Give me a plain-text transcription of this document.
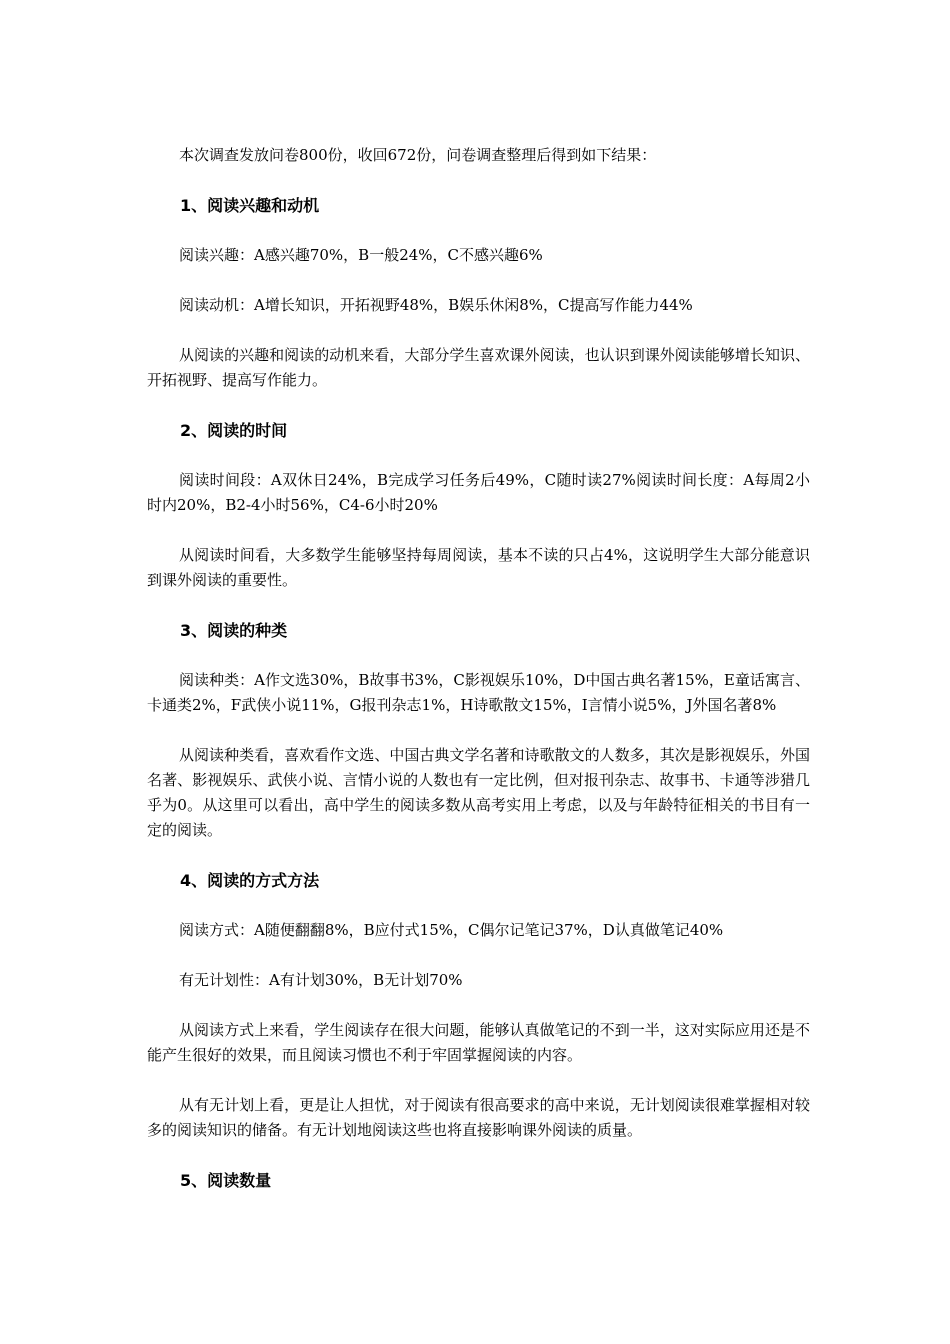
本次调查发放问卷800份，收回672份，问卷调查整理后得到如下结果：

1、阅读兴趣和动机

阅读兴趣：A感兴趣70%，B一般24%，C不感兴趣6%

阅读动机：A增长知识，开拓视野48%，B娱乐休闲8%，C提高写作能力44%

从阅读的兴趣和阅读的动机来看，大部分学生喜欢课外阅读，也认识到课外阅读能够增长知识、开拓视野、提高写作能力。

2、阅读的时间

阅读时间段：A双休日24%，B完成学习任务后49%，C随时读27%阅读时间长度：A每周2小时内20%，B2-4小时56%，C4-6小时20%

从阅读时间看，大多数学生能够坚持每周阅读，基本不读的只占4%，这说明学生大部分能意识到课外阅读的重要性。

3、阅读的种类

阅读种类：A作文选30%，B故事书3%，C影视娱乐10%，D中国古典名著15%，E童话寓言、卡通类2%，F武侠小说11%，G报刊杂志1%，H诗歌散文15%，I言情小说5%，J外国名著8%

从阅读种类看，喜欢看作文选、中国古典文学名著和诗歌散文的人数多，其次是影视娱乐，外国名著、影视娱乐、武侠小说、言情小说的人数也有一定比例，但对报刊杂志、故事书、卡通等涉猎几乎为0。从这里可以看出，高中学生的阅读多数从高考实用上考虑，以及与年龄特征相关的书目有一定的阅读。

4、阅读的方式方法

阅读方式：A随便翻翻8%，B应付式15%，C偶尔记笔记37%，D认真做笔记40%

有无计划性：A有计划30%，B无计划70%

从阅读方式上来看，学生阅读存在很大问题，能够认真做笔记的不到一半，这对实际应用还是不能产生很好的效果，而且阅读习惯也不利于牢固掌握阅读的内容。

从有无计划上看，更是让人担忧，对于阅读有很高要求的高中来说，无计划阅读很难掌握相对较多的阅读知识的储备。有无计划地阅读这些也将直接影响课外阅读的质量。

5、阅读数量
